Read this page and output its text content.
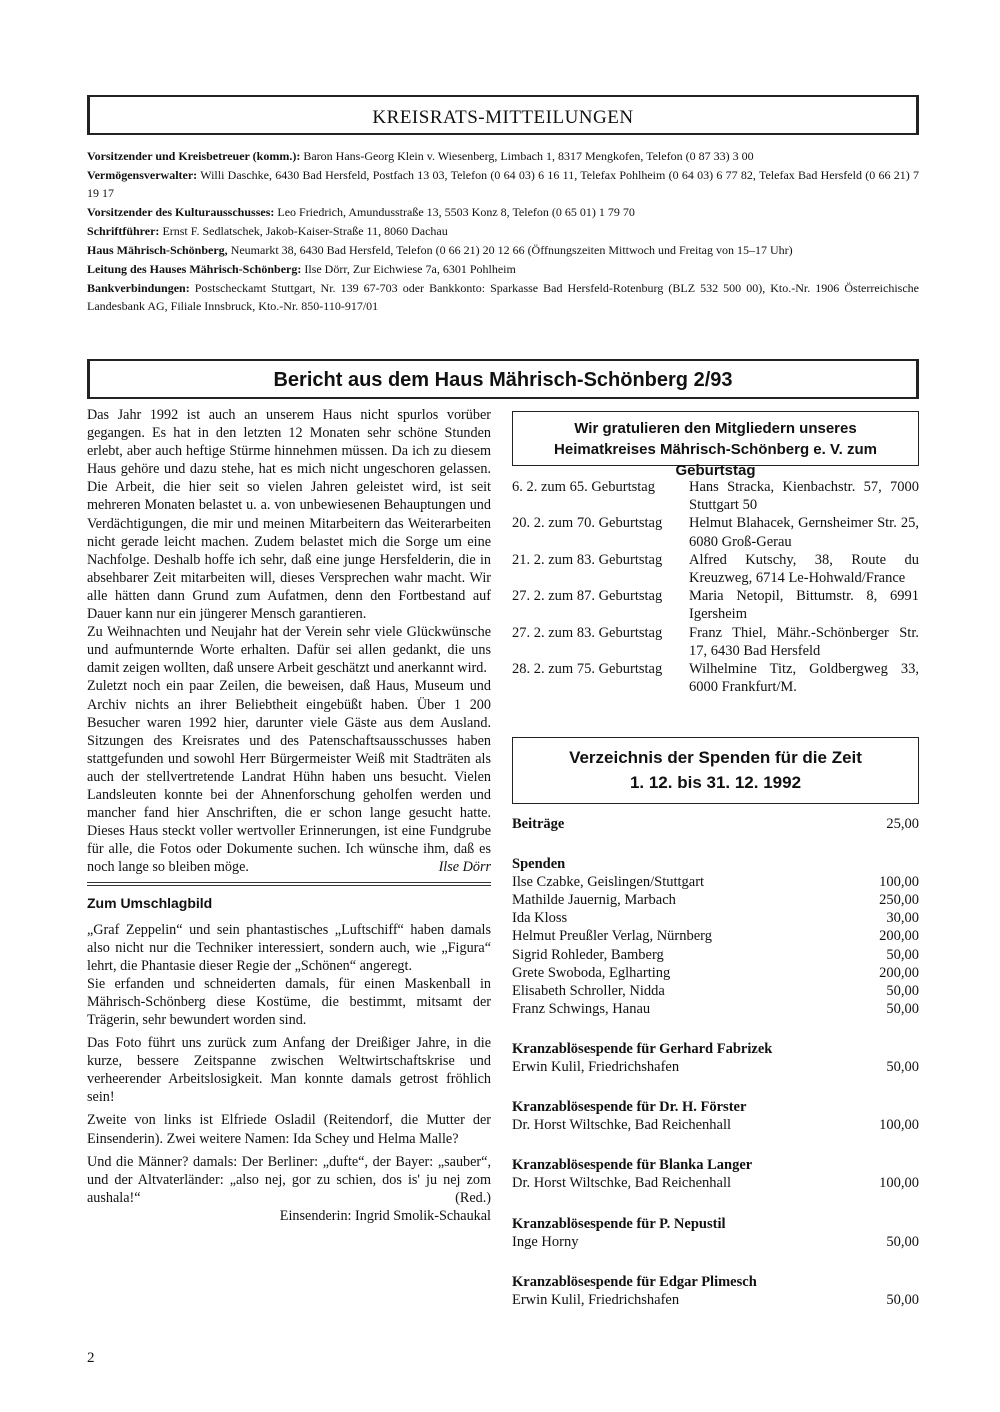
KREISRATS-MITTEILUNGEN

Vorsitzender und Kreisbetreuer (komm.): Baron Hans-Georg Klein v. Wiesenberg, Limbach 1, 8317 Mengkofen, Telefon (0 87 33) 3 00

Vermögensverwalter: Willi Daschke, 6430 Bad Hersfeld, Postfach 13 03, Telefon (0 64 03) 6 16 11, Telefax Pohlheim (0 64 03) 6 77 82, Telefax Bad Hersfeld (0 66 21) 7 19 17

Vorsitzender des Kulturausschusses: Leo Friedrich, Amundusstraße 13, 5503 Konz 8, Telefon (0 65 01) 1 79 70

Schriftführer: Ernst F. Sedlatschek, Jakob-Kaiser-Straße 11, 8060 Dachau

Haus Mährisch-Schönberg, Neumarkt 38, 6430 Bad Hersfeld, Telefon (0 66 21) 20 12 66 (Öffnungszeiten Mittwoch und Freitag von 15–17 Uhr)

Leitung des Hauses Mährisch-Schönberg: Ilse Dörr, Zur Eichwiese 7a, 6301 Pohlheim

Bankverbindungen: Postscheckamt Stuttgart, Nr. 139 67-703 oder Bankkonto: Sparkasse Bad Hersfeld-Rotenburg (BLZ 532 500 00), Kto.-Nr. 1906 Österreichische Landesbank AG, Filiale Innsbruck, Kto.-Nr. 850-110-917/01

Bericht aus dem Haus Mährisch-Schönberg 2/93

Das Jahr 1992 ist auch an unserem Haus nicht spurlos vorüber gegangen. Es hat in den letzten 12 Monaten sehr schöne Stunden erlebt, aber auch heftige Stürme hinnehmen müssen. Da ich zu diesem Haus gehöre und dazu stehe, hat es mich nicht ungeschoren gelassen. Die Arbeit, die hier seit so vielen Jahren geleistet wird, ist seit mehreren Monaten belastet u. a. von unbewiesenen Behauptungen und Verdächtigungen, die mir und meinen Mitarbeitern das Weiterarbeiten nicht gerade leicht machen. Zudem belastet mich die Sorge um eine Nachfolge. Deshalb hoffe ich sehr, daß eine junge Hersfelderin, die in absehbarer Zeit mitarbeiten will, dieses Versprechen wahr macht. Wir alle hätten dann Grund zum Aufatmen, denn den Fortbestand auf Dauer kann nur ein jüngerer Mensch garantieren.

Zu Weihnachten und Neujahr hat der Verein sehr viele Glückwünsche und aufmunternde Worte erhalten. Dafür sei allen gedankt, die uns damit zeigen wollten, daß unsere Arbeit geschätzt und anerkannt wird.

Zuletzt noch ein paar Zeilen, die beweisen, daß Haus, Museum und Archiv nichts an ihrer Beliebtheit eingebüßt haben. Über 1 200 Besucher waren 1992 hier, darunter viele Gäste aus dem Ausland. Sitzungen des Kreisrates und des Patenschaftsausschusses haben stattgefunden und sowohl Herr Bürgermeister Weiß mit Stadträten als auch der stellvertretende Landrat Hühn haben uns besucht. Vielen Landsleuten konnte bei der Ahnenforschung geholfen werden und mancher fand hier Anschriften, die er schon lange gesucht hatte. Dieses Haus steckt voller wertvoller Erinnerungen, ist eine Fundgrube für alle, die Fotos oder Dokumente suchen. Ich wünsche ihm, daß es noch lange so bleiben möge.	Ilse Dörr

Zum Umschlagbild

„Graf Zeppelin“ und sein phantastisches „Luftschiff“ haben damals also nicht nur die Techniker interessiert, sondern auch, wie „Figura“ lehrt, die Phantasie dieser Regie der „Schönen“ angeregt.

Sie erfanden und schneiderten damals, für einen Maskenball in Mährisch-Schönberg diese Kostüme, die bestimmt, mitsamt der Trägerin, sehr bewundert worden sind.

Das Foto führt uns zurück zum Anfang der Dreißiger Jahre, in die kurze, bessere Zeitspanne zwischen Weltwirtschaftskrise und verheerender Arbeitslosigkeit. Man konnte damals getrost fröhlich sein!

Zweite von links ist Elfriede Osladil (Reitendorf, die Mutter der Einsenderin). Zwei weitere Namen: Ida Schey und Helma Malle?

Und die Männer? damals: Der Berliner: „dufte“, der Bayer: „sauber“, und der Altvaterländer: „also nej, gor zu schien, dos is' ju nej zom aushala!“	(Red.)

Einsenderin: Ingrid Smolik-Schaukal

Wir gratulieren den Mitgliedern unseres Heimatkreises Mährisch-Schönberg e. V. zum Geburtstag
6. 2. zum 65. Geburtstag	Hans Stracka, Kienbachstr. 57, 7000 Stuttgart 50
20. 2. zum 70. Geburtstag	Helmut Blahacek, Gernsheimer Str. 25, 6080 Groß-Gerau
21. 2. zum 83. Geburtstag	Alfred Kutschy, 38, Route du Kreuzweg, 6714 Le-Hohwald/France
27. 2. zum 87. Geburtstag	Maria Netopil, Bittumstr. 8, 6991 Igersheim
27. 2. zum 83. Geburtstag	Franz Thiel, Mähr.-Schönberger Str. 17, 6430 Bad Hersfeld
28. 2. zum 75. Geburtstag	Wilhelmine Titz, Goldbergweg 33, 6000 Frankfurt/M.
Verzeichnis der Spenden für die Zeit
1. 12. bis 31. 12. 1992
Beiträge	25,00
Spenden
Ilse Czabke, Geislingen/Stuttgart	100,00
Mathilde Jauernig, Marbach	250,00
Ida Kloss	30,00
Helmut Preußler Verlag, Nürnberg	200,00
Sigrid Rohleder, Bamberg	50,00
Grete Swoboda, Eglharting	200,00
Elisabeth Schroller, Nidda	50,00
Franz Schwings, Hanau	50,00
Kranzablösespende für Gerhard Fabrizek
Erwin Kulil, Friedrichshafen	50,00
Kranzablösespende für Dr. H. Förster
Dr. Horst Wiltschke, Bad Reichenhall	100,00
Kranzablösespende für Blanka Langer
Dr. Horst Wiltschke, Bad Reichenhall	100,00
Kranzablösespende für P. Nepustil
Inge Horny	50,00
Kranzablösespende für Edgar Plimesch
Erwin Kulil, Friedrichshafen	50,00
2
